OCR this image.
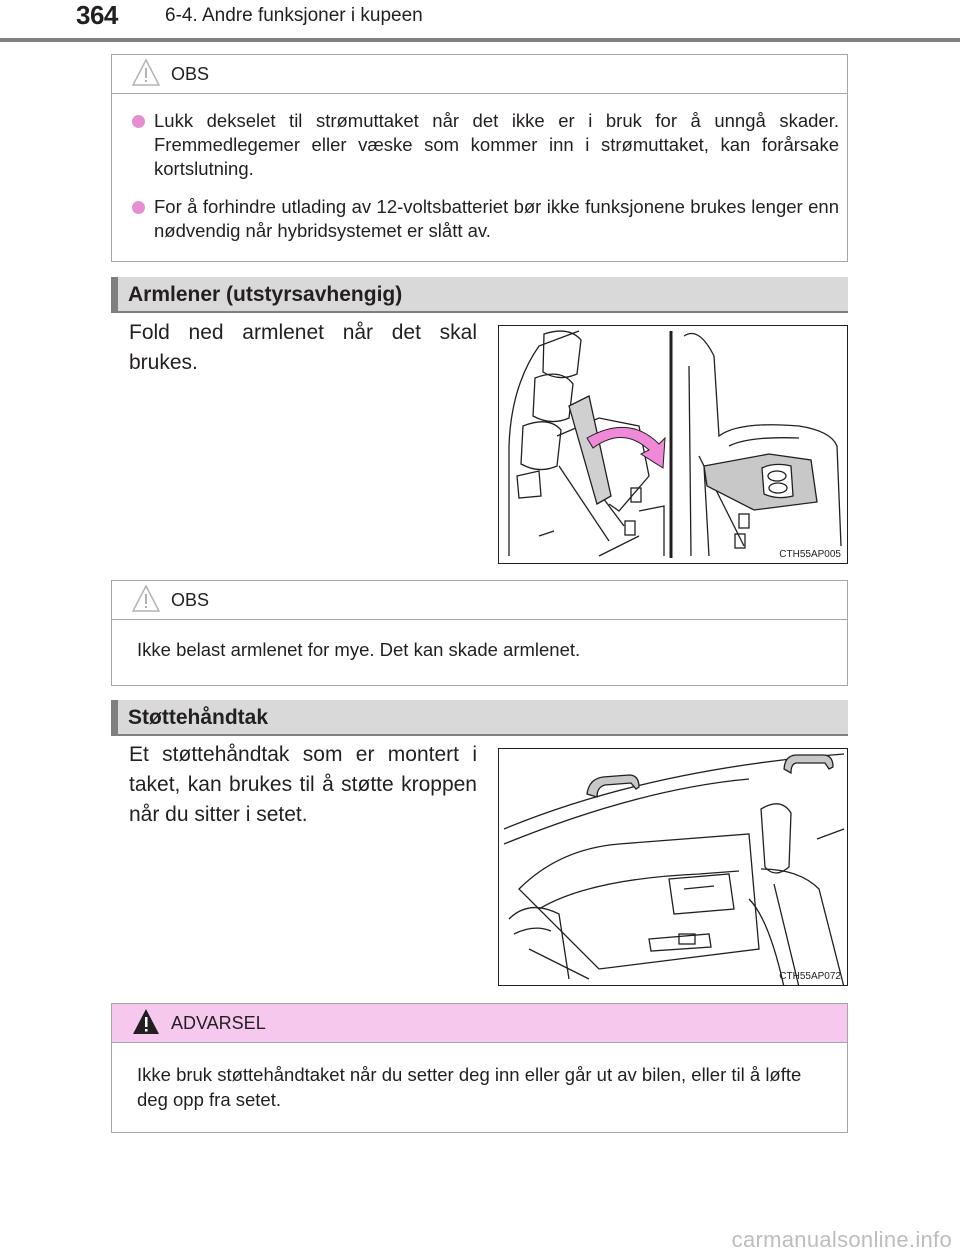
364 6-4. Andre funksjoner i kupeen
OBS
Lukk dekselet til strømuttaket når det ikke er i bruk for å unngå skader. Fremmedlegemer eller væske som kommer inn i strømuttaket, kan forårsake kortslutning.
For å forhindre utlading av 12-voltsbatteriet bør ikke funksjonene brukes lenger enn nødvendig når hybridsystemet er slått av.
Armlener (utstyrsavhengig)
Fold ned armlenet når det skal brukes.
CTH55AP005
OBS
Ikke belast armlenet for mye. Det kan skade armlenet.
Støttehåndtak
Et støttehåndtak som er montert i taket, kan brukes til å støtte kroppen når du sitter i setet.
CTH55AP072
ADVARSEL
Ikke bruk støttehåndtaket når du setter deg inn eller går ut av bilen, eller til å løfte deg opp fra setet.
carmanualsonline.info
